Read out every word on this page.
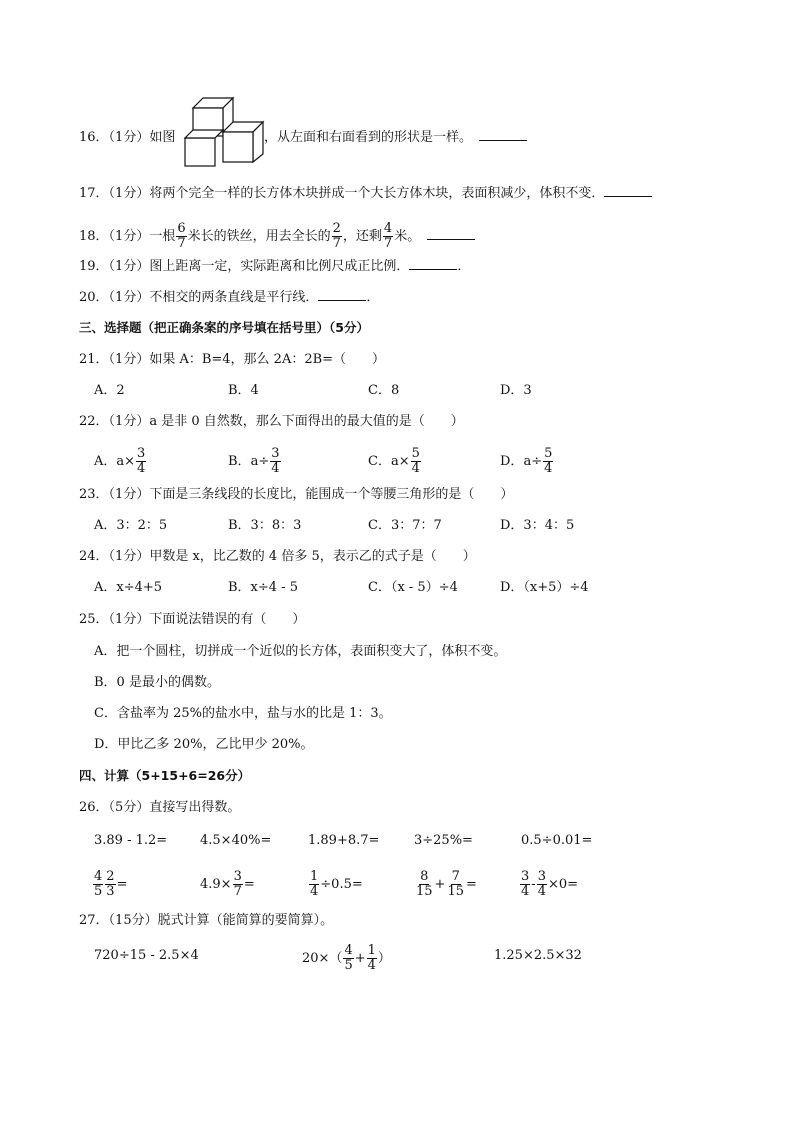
16．（1分）如图	，从左面和右面看到的形状是一样。　
17．（1分）将两个完全一样的长方体木块拼成一个大长方体木块，表面积减少，体积不变．
18．（1分）一根 $\frac{6}{7}$ 米长的铁丝，用去全长的 $\frac{2}{7}$ ，还剩 $\frac{4}{7}$ 米。　
19．（1分）图上距离一定，实际距离和比例尺成正比例．	．
20．（1分）不相交的两条直线是平行线．	．
三、选择题（把正确条案的序号填在括号里）（5分）
21．（1分）如果 A：B=4，那么 2A：2B=（　　）
A．2	B．4	C．8	D．3
22．（1分）a 是非 0 自然数，那么下面得出的最大值的是（　　）
A．$a\times \frac{3}{4}$	B．$a\div \frac{3}{4}$	C．$a\times \frac{5}{4}$	D．$a\div \frac{5}{4}$
23．（1分）下面是三条线段的长度比，能围成一个等腰三角形的是（　　）
A．3：2：5	B．3：8：3	C．3：7：7	D．3：4：5
24．（1分）甲数是 x，比乙数的 4 倍多 5，表示乙的式子是（　　）
A．x÷4+5	B．x÷4 - 5	C．（x - 5）÷4	D．（x+5）÷4
25．（1分）下面说法错误的有（　　）
A．把一个圆柱，切拼成一个近似的长方体，表面积变大了，体积不变。
B．0 是最小的偶数。
C．含盐率为 25%的盐水中，盐与水的比是 1：3。
D．甲比乙多 20%，乙比甲少 20%。
四、计算（5+15+6=26分）
26．（5分）直接写出得数。
3.89 - 1.2=	4.5×40%=	1.89+8.7=	3÷25%=	0.5÷0.01=
$\frac{4}{5} \frac{2}{3}$ =	$4.9\times \frac{3}{7}$ =	$\frac{1}{4} \div 0.5=$	$\frac{8}{15} + \frac{7}{15}$ =	$\frac{3}{4} - \frac{3}{4} \times 0=$
27．（15分）脱式计算（能简算的要简算）。
720÷15 - 2.5×4	$20\times( \frac{4}{5} + \frac{1}{4}$ ）	1.25×2.5×32
